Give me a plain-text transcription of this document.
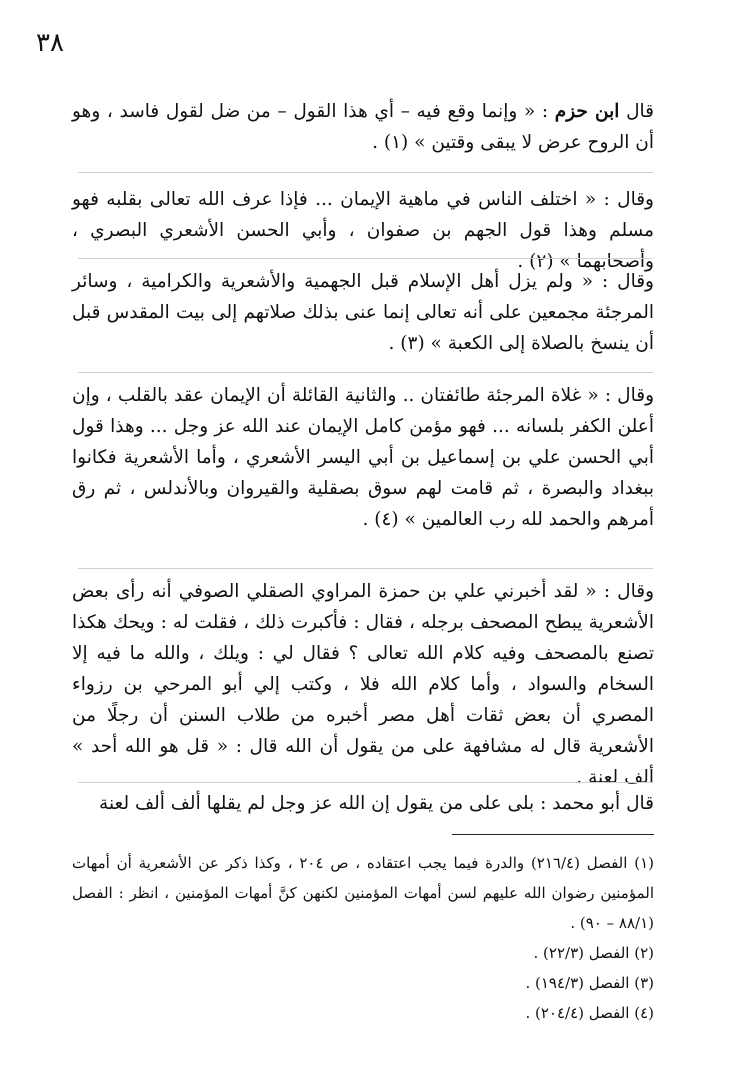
٣٨

قال ابن حزم : « وإنما وقع فيه – أي هذا القول – من ضل لقول فاسد ، وهو أن الروح عرض لا يبقى وقتين » (١) .

وقال : « اختلف الناس في ماهية الإيمان ... فإذا عرف الله تعالى بقلبه فهو مسلم وهذا قول الجهم بن صفوان ، وأبي الحسن الأشعري البصري ، وأصحابهما » (٢) .

وقال : « ولم يزل أهل الإسلام قبل الجهمية والأشعرية والكرامية ، وسائر المرجئة مجمعين على أنه تعالى إنما عنى بذلك صلاتهم إلى بيت المقدس قبل أن ينسخ بالصلاة إلى الكعبة » (٣) .

وقال : « غلاة المرجئة طائفتان .. والثانية القائلة أن الإيمان عقد بالقلب ، وإن أعلن الكفر بلسانه ... فهو مؤمن كامل الإيمان عند الله عز وجل ... وهذا قول أبي الحسن علي بن إسماعيل بن أبي اليسر الأشعري ، وأما الأشعرية فكانوا ببغداد والبصرة ، ثم قامت لهم سوق بصقلية والقيروان وبالأندلس ، ثم رق أمرهم والحمد لله رب العالمين » (٤) .

وقال : « لقد أخبرني علي بن حمزة المراوي الصقلي الصوفي أنه رأى بعض الأشعرية يبطح المصحف برجله ، فقال : فأكبرت ذلك ، فقلت له : ويحك هكذا تصنع بالمصحف وفيه كلام الله تعالى ؟ فقال لي : ويلك ، والله ما فيه إلا السخام والسواد ، وأما كلام الله فلا ، وكتب إلي أبو المرحي بن رزواء المصري أن بعض ثقات أهل مصر أخبره من طلاب السنن أن رجلًا من الأشعرية قال له مشافهة على من يقول أن الله قال : « قل هو الله أحد » ألف لعنة .

قال أبو محمد : بلى على من يقول إن الله عز وجل لم يقلها ألف ألف لعنة

(١) الفصل (٢١٦/٤) والدرة فيما يجب اعتقاده ، ص ٢٠٤ ، وكذا ذكر عن الأشعرية أن أمهات المؤمنين رضوان الله عليهم لسن أمهات المؤمنين لكنهن كنَّ أمهات المؤمنين ، انظر : الفصل (٨٨/١ – ٩٠) .

(٢) الفصل (٢٢/٣) .

(٣) الفصل (١٩٤/٣) .

(٤) الفصل (٢٠٤/٤) .
